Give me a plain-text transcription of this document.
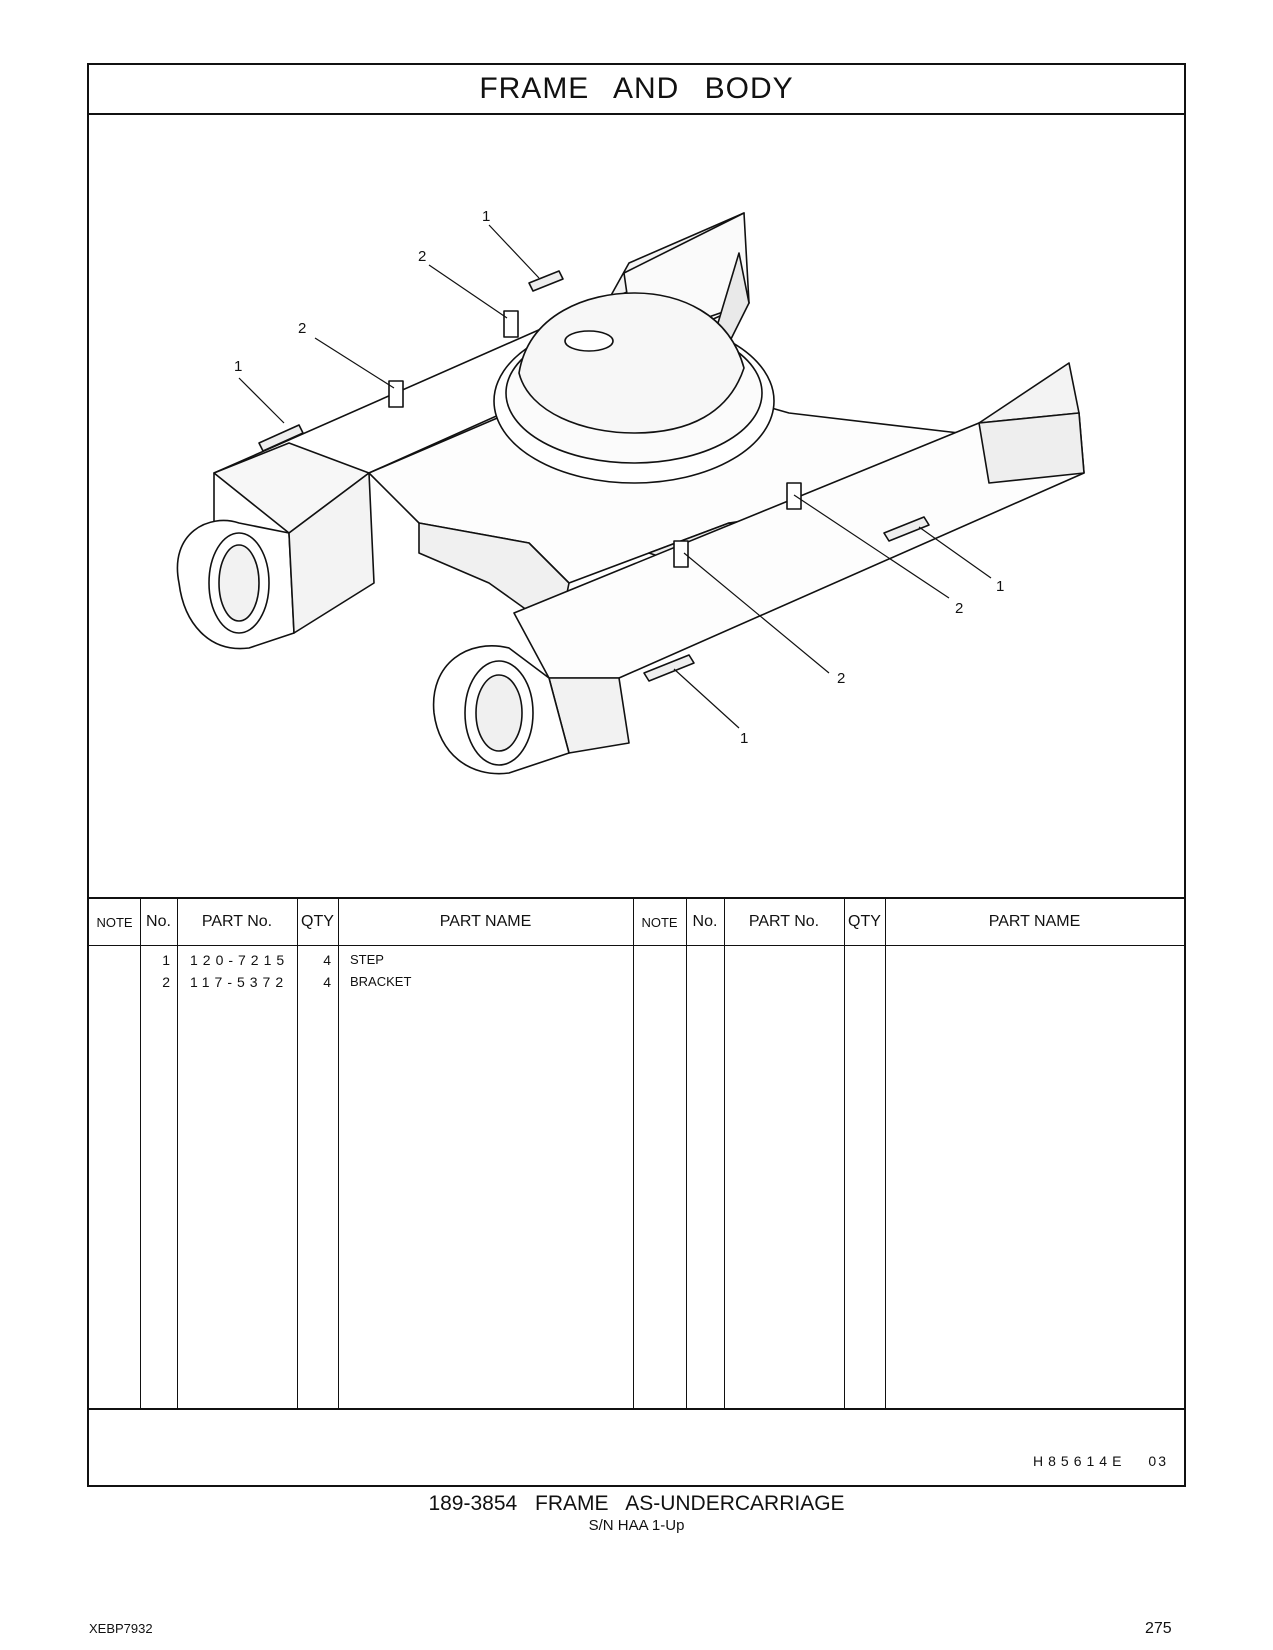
FRAME AND BODY
1
2
2
1
1
2
2
1
NOTE No.	PART No.	QTY	PART NAME	NOTE No.	PART No.	QTY	PART NAME
1 120-7215	4 STEP
2 117-5372	4 BRACKET
H85614E 03
189-3854 FRAME AS-UNDERCARRIAGE
S/N HAA 1-Up
XEBP7932	275
